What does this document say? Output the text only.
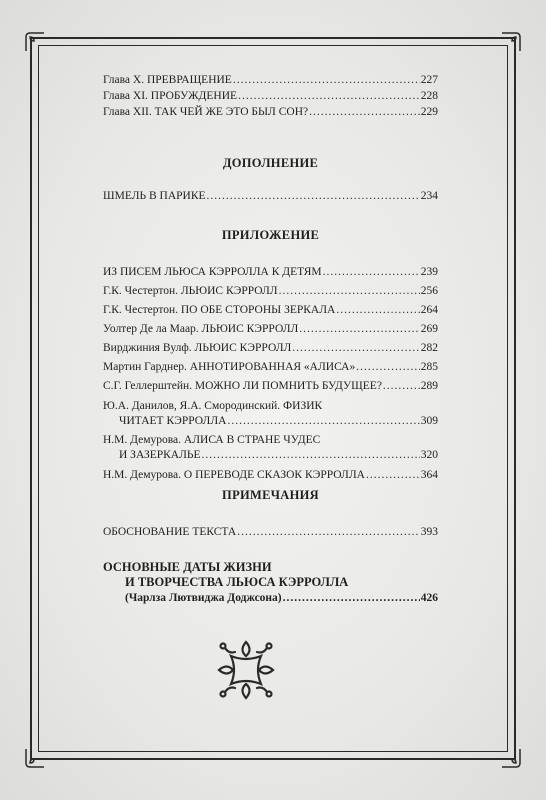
Глава X. ПРЕВРАЩЕНИЕ .....	227
Глава XI. ПРОБУЖДЕНИЕ .....	228
Глава XII. ТАК ЧЕЙ ЖЕ ЭТО БЫЛ СОН? .....	229
ДОПОЛНЕНИЕ
ШМЕЛЬ В ПАРИКЕ .....	234
ПРИЛОЖЕНИЕ
ИЗ ПИСЕМ ЛЬЮСА КЭРРОЛЛА К ДЕТЯМ .....	239
Г.К. Честертон. ЛЬЮИС КЭРРОЛЛ .....	256
Г.К. Честертон. ПО ОБЕ СТОРОНЫ ЗЕРКАЛА .....	264
Уолтер Де ла Маар. ЛЬЮИС КЭРРОЛЛ .....	269
Вирджиния Вулф. ЛЬЮИС КЭРРОЛЛ .....	282
Мартин Гарднер. АННОТИРОВАННАЯ «АЛИСА» .....	285
С.Г. Геллерштейн. МОЖНО ЛИ ПОМНИТЬ БУДУЩЕЕ? .....	289
Ю.А. Данилов, Я.А. Смородинский. ФИЗИК
ЧИТАЕТ КЭРРОЛЛА .....	309
Н.М. Демурова. АЛИСА В СТРАНЕ ЧУДЕС
И ЗАЗЕРКАЛЬЕ .....	320
Н.М. Демурова. О ПЕРЕВОДЕ СКАЗОК КЭРРОЛЛА .....	364
ПРИМЕЧАНИЯ
ОБОСНОВАНИЕ ТЕКСТА .....	393
ОСНОВНЫЕ ДАТЫ ЖИЗНИ
И ТВОРЧЕСТВА ЛЬЮСА КЭРРОЛЛА
(Чарлза Лютвиджа Доджсона) .....	426
